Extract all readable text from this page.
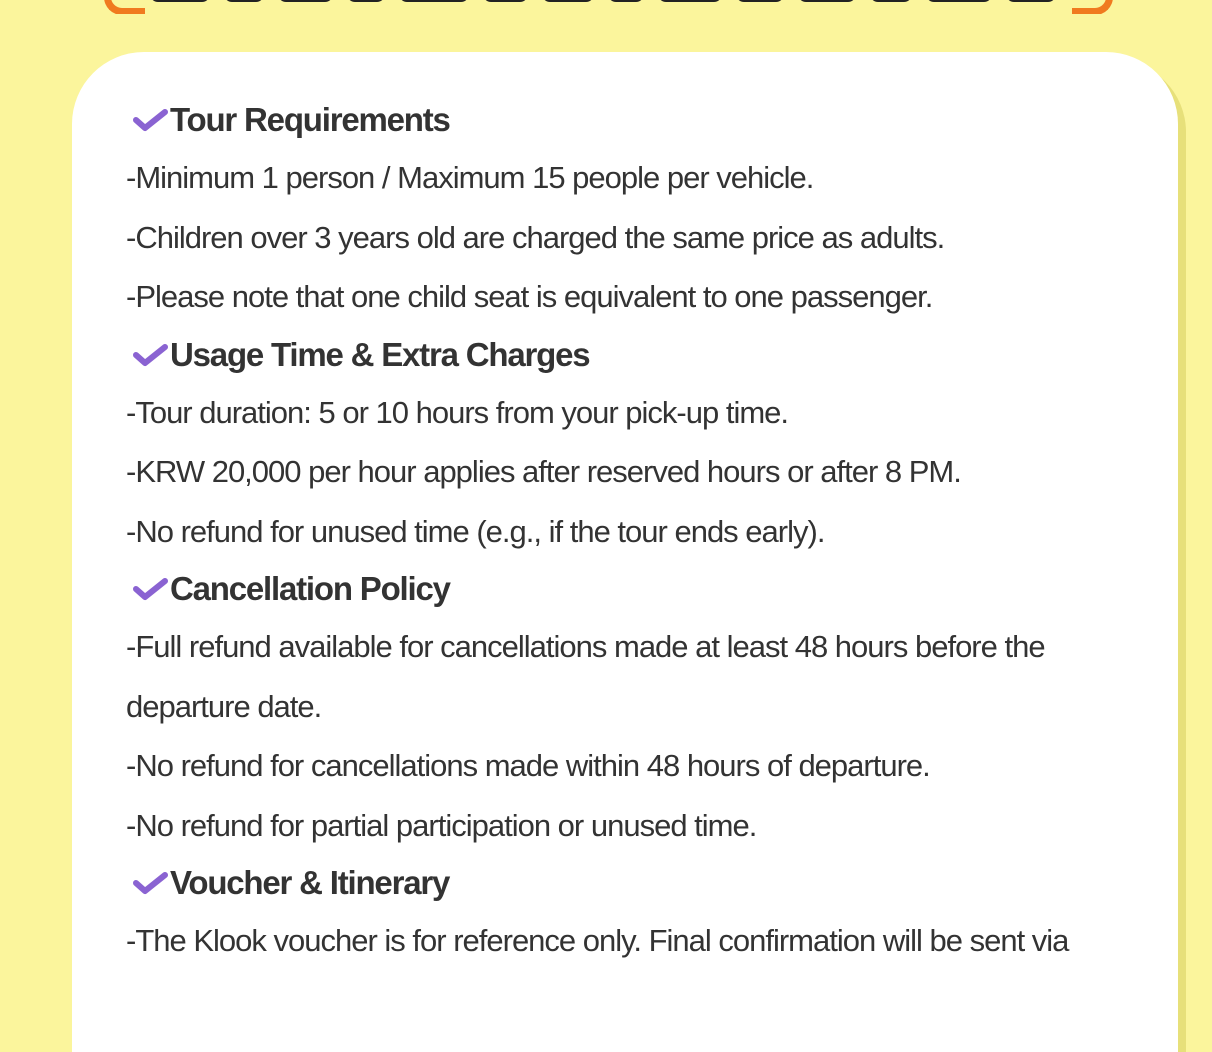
Tour Requirements

-Minimum 1 person / Maximum 15 people per vehicle.

-Children over 3 years old are charged the same price as adults.

-Please note that one child seat is equivalent to one passenger.

Usage Time & Extra Charges

-Tour duration: 5 or 10 hours from your pick-up time.

-KRW 20,000 per hour applies after reserved hours or after 8 PM.

-No refund for unused time (e.g., if the tour ends early).

Cancellation Policy

-Full refund available for cancellations made at least 48 hours before the

departure date.

-No refund for cancellations made within 48 hours of departure.

-No refund for partial participation or unused time.

Voucher & Itinerary

-The Klook voucher is for reference only. Final confirmation will be sent via
